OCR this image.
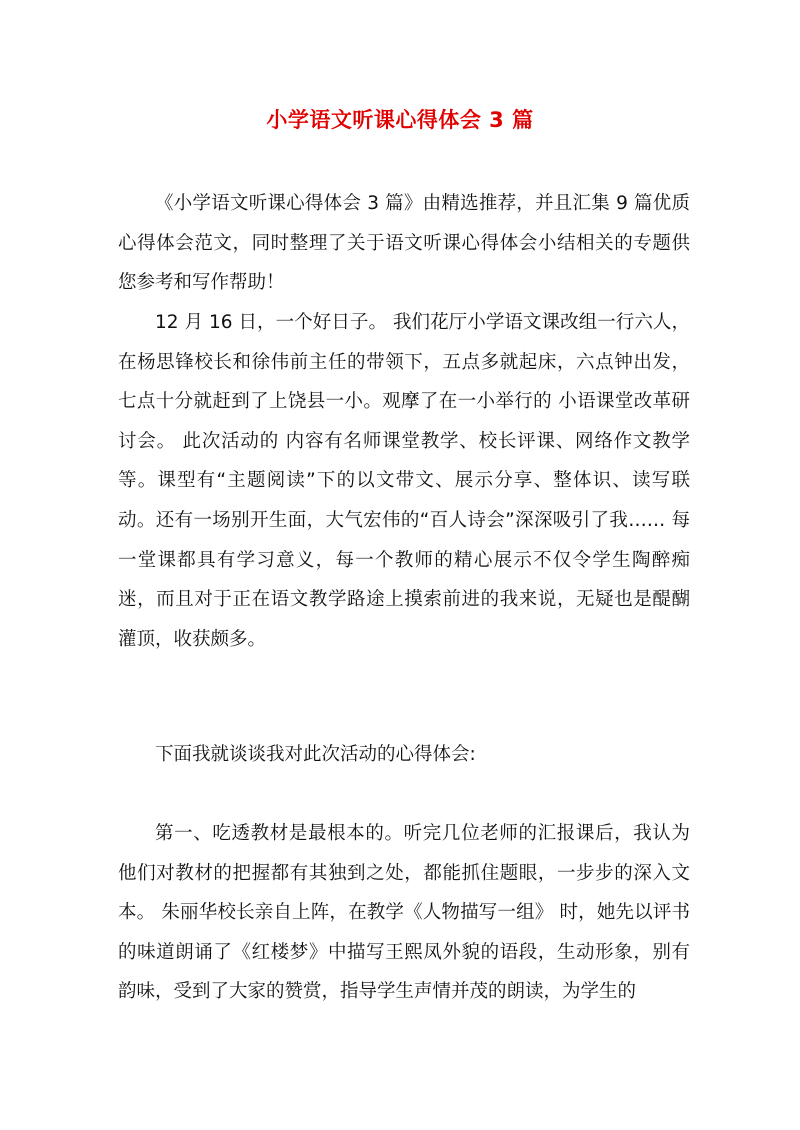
小学语文听课心得体会 3 篇

《小学语文听课心得体会 3 篇》由精选推荐，并且汇集 9 篇优质心得体会范文，同时整理了关于语文听课心得体会小结相关的专题供您参考和写作帮助！

12 月 16 日，一个好日子。 我们花厅小学语文课改组一行六人，在杨思锋校长和徐伟前主任的带领下，五点多就起床，六点钟出发，七点十分就赶到了上饶县一小。观摩了在一小举行的 小语课堂改革研讨会。 此次活动的 内容有名师课堂教学、校长评课、网络作文教学等。课型有“主题阅读”下的以文带文、展示分享、整体识、读写联动。还有一场别开生面，大气宏伟的“百人诗会”深深吸引了我…… 每一堂课都具有学习意义，每一个教师的精心展示不仅令学生陶醉痴迷，而且对于正在语文教学路途上摸索前进的我来说，无疑也是醍醐灌顶，收获颇多。

下面我就谈谈我对此次活动的心得体会:

第一、吃透教材是最根本的。听完几位老师的汇报课后，我认为他们对教材的把握都有其独到之处，都能抓住题眼，一步步的深入文本。 朱丽华校长亲自上阵，在教学《人物描写一组》 时，她先以评书的味道朗诵了《红楼梦》中描写王熙凤外貌的语段，生动形象，别有韵味，受到了大家的赞赏，指导学生声情并茂的朗读，为学生的
